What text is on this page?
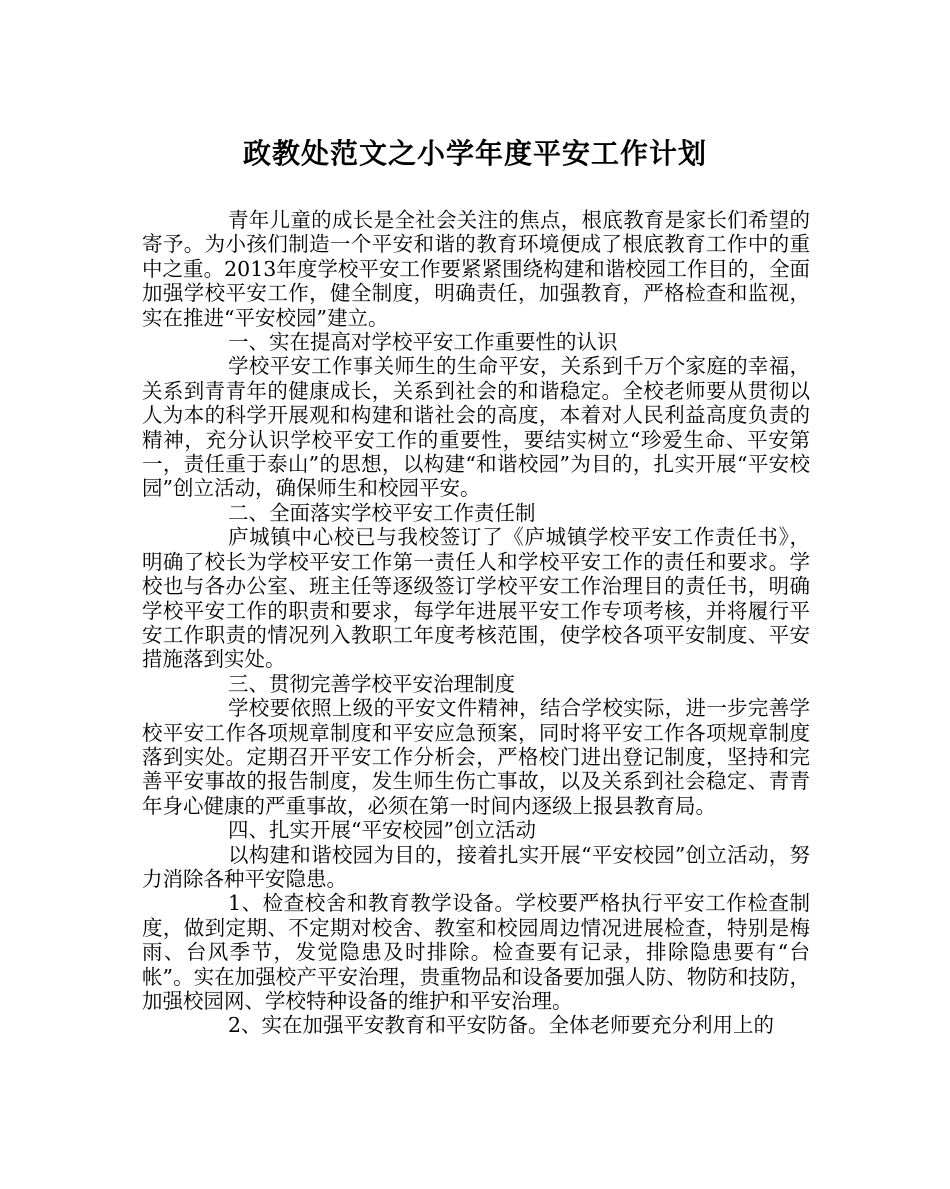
政教处范文之小学年度平安工作计划

青年儿童的成长是全社会关注的焦点，根底教育是家长们希望的寄予。为小孩们制造一个平安和谐的教育环境便成了根底教育工作中的重中之重。2013年度学校平安工作要紧紧围绕构建和谐校园工作目的，全面加强学校平安工作，健全制度，明确责任，加强教育，严格检查和监视，实在推进“平安校园”建立。

一、实在提高对学校平安工作重要性的认识

学校平安工作事关师生的生命平安，关系到千万个家庭的幸福，关系到青青年的健康成长，关系到社会的和谐稳定。全校老师要从贯彻以人为本的科学开展观和构建和谐社会的高度，本着对人民利益高度负责的精神，充分认识学校平安工作的重要性，要结实树立“珍爱生命、平安第一，责任重于泰山”的思想，以构建“和谐校园”为目的，扎实开展“平安校园”创立活动，确保师生和校园平安。

二、全面落实学校平安工作责任制

庐城镇中心校已与我校签订了《庐城镇学校平安工作责任书》，明确了校长为学校平安工作第一责任人和学校平安工作的责任和要求。学校也与各办公室、班主任等逐级签订学校平安工作治理目的责任书，明确学校平安工作的职责和要求，每学年进展平安工作专项考核，并将履行平安工作职责的情况列入教职工年度考核范围，使学校各项平安制度、平安措施落到实处。

三、贯彻完善学校平安治理制度

学校要依照上级的平安文件精神，结合学校实际，进一步完善学校平安工作各项规章制度和平安应急预案，同时将平安工作各项规章制度落到实处。定期召开平安工作分析会，严格校门进出登记制度，坚持和完善平安事故的报告制度，发生师生伤亡事故，以及关系到社会稳定、青青年身心健康的严重事故，必须在第一时间内逐级上报县教育局。

四、扎实开展“平安校园”创立活动

以构建和谐校园为目的，接着扎实开展“平安校园”创立活动，努力消除各种平安隐患。

1、检查校舍和教育教学设备。学校要严格执行平安工作检查制度，做到定期、不定期对校舍、教室和校园周边情况进展检查，特别是梅雨、台风季节，发觉隐患及时排除。检查要有记录，排除隐患要有“台帐”。实在加强校产平安治理，贵重物品和设备要加强人防、物防和技防，加强校园网、学校特种设备的维护和平安治理。

2、实在加强平安教育和平安防备。全体老师要充分利用上的
